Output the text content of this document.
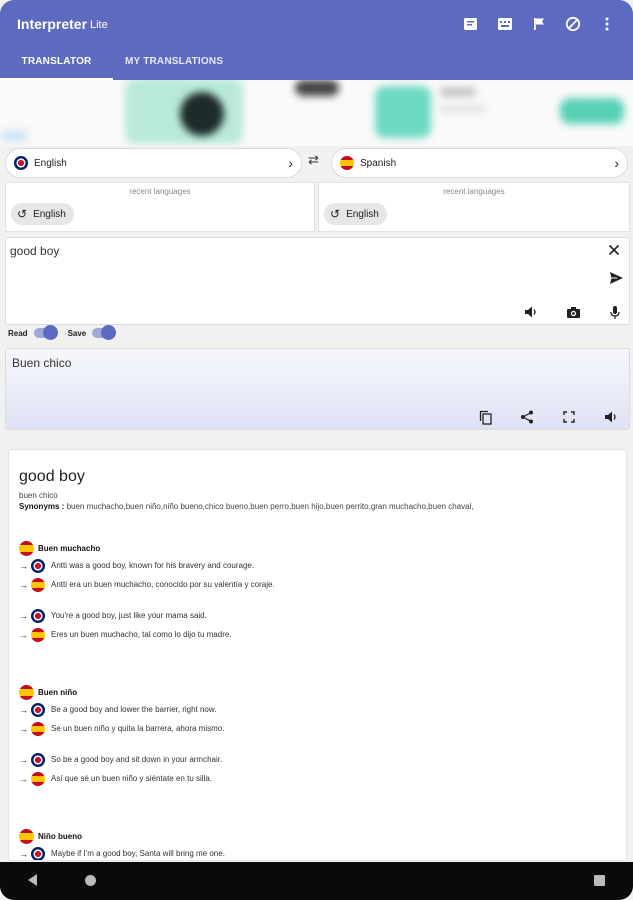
Interpreter Lite
TRANSLATOR	MY TRANSLATIONS
English	› ⇄	Spanish	›
recent languages
↺ English
recent languages
↺ English
good boy
Read	Save
Buen chico
good boy
buen chico
Synonyms : buen muchacho,buen niño,niño bueno,chico bueno,buen perro,buen hijo,buen perrito,gran muchacho,buen chaval,
Buen muchacho
→	Antti was a good boy, known for his bravery and courage.
→	Antti era un buen muchacho, conocido por su valentía y coraje.
→	You're a good boy, just like your mama said.
→	Eres un buen muchacho, tal como lo dijo tu madre.
Buen niño
→	Be a good boy and lower the barrier, right now.
→	Se un buen niño y quita la barrera, ahora mismo.
→	So be a good boy and sit down in your armchair.
→	Así que sé un buen niño y siéntate en tu silla.
Niño bueno
→	Maybe if I'm a good boy, Santa will bring me one.
